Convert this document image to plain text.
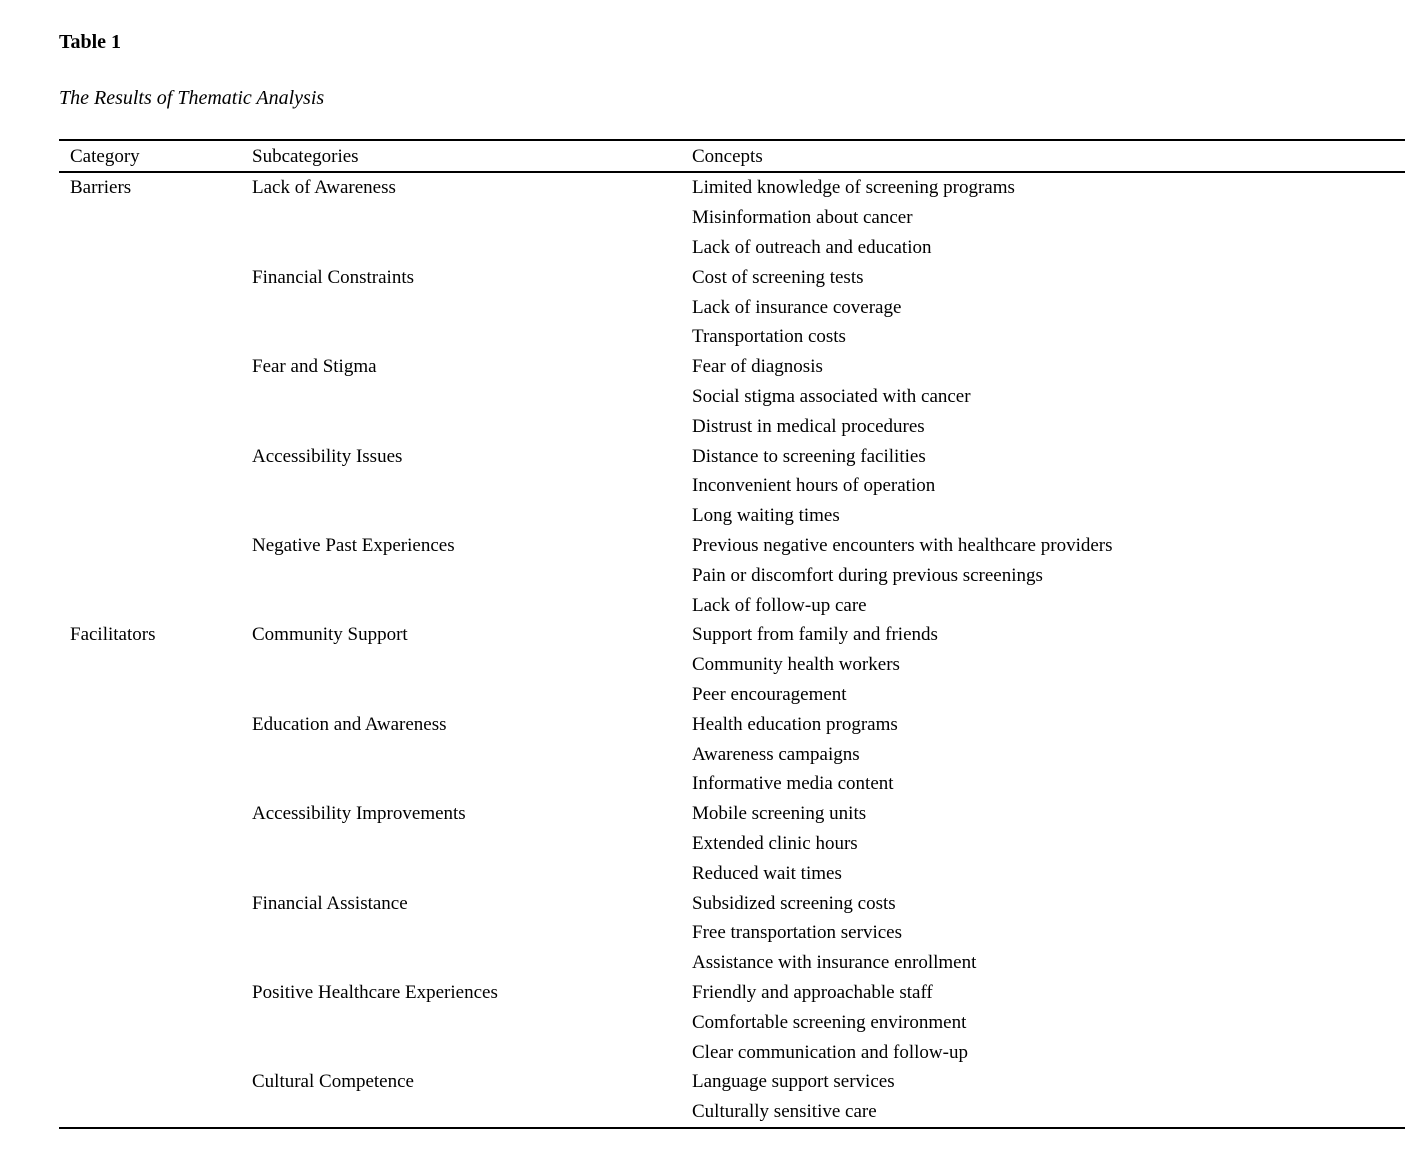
Table 1
The Results of Thematic Analysis
Category	Subcategories	Concepts
Barriers	Lack of Awareness	Limited knowledge of screening programs
		Misinformation about cancer
		Lack of outreach and education
	Financial Constraints	Cost of screening tests
		Lack of insurance coverage
		Transportation costs
	Fear and Stigma	Fear of diagnosis
		Social stigma associated with cancer
		Distrust in medical procedures
	Accessibility Issues	Distance to screening facilities
		Inconvenient hours of operation
		Long waiting times
	Negative Past Experiences	Previous negative encounters with healthcare providers
		Pain or discomfort during previous screenings
		Lack of follow-up care
Facilitators	Community Support	Support from family and friends
		Community health workers
		Peer encouragement
	Education and Awareness	Health education programs
		Awareness campaigns
		Informative media content
	Accessibility Improvements	Mobile screening units
		Extended clinic hours
		Reduced wait times
	Financial Assistance	Subsidized screening costs
		Free transportation services
		Assistance with insurance enrollment
	Positive Healthcare Experiences	Friendly and approachable staff
		Comfortable screening environment
		Clear communication and follow-up
	Cultural Competence	Language support services
		Culturally sensitive care
